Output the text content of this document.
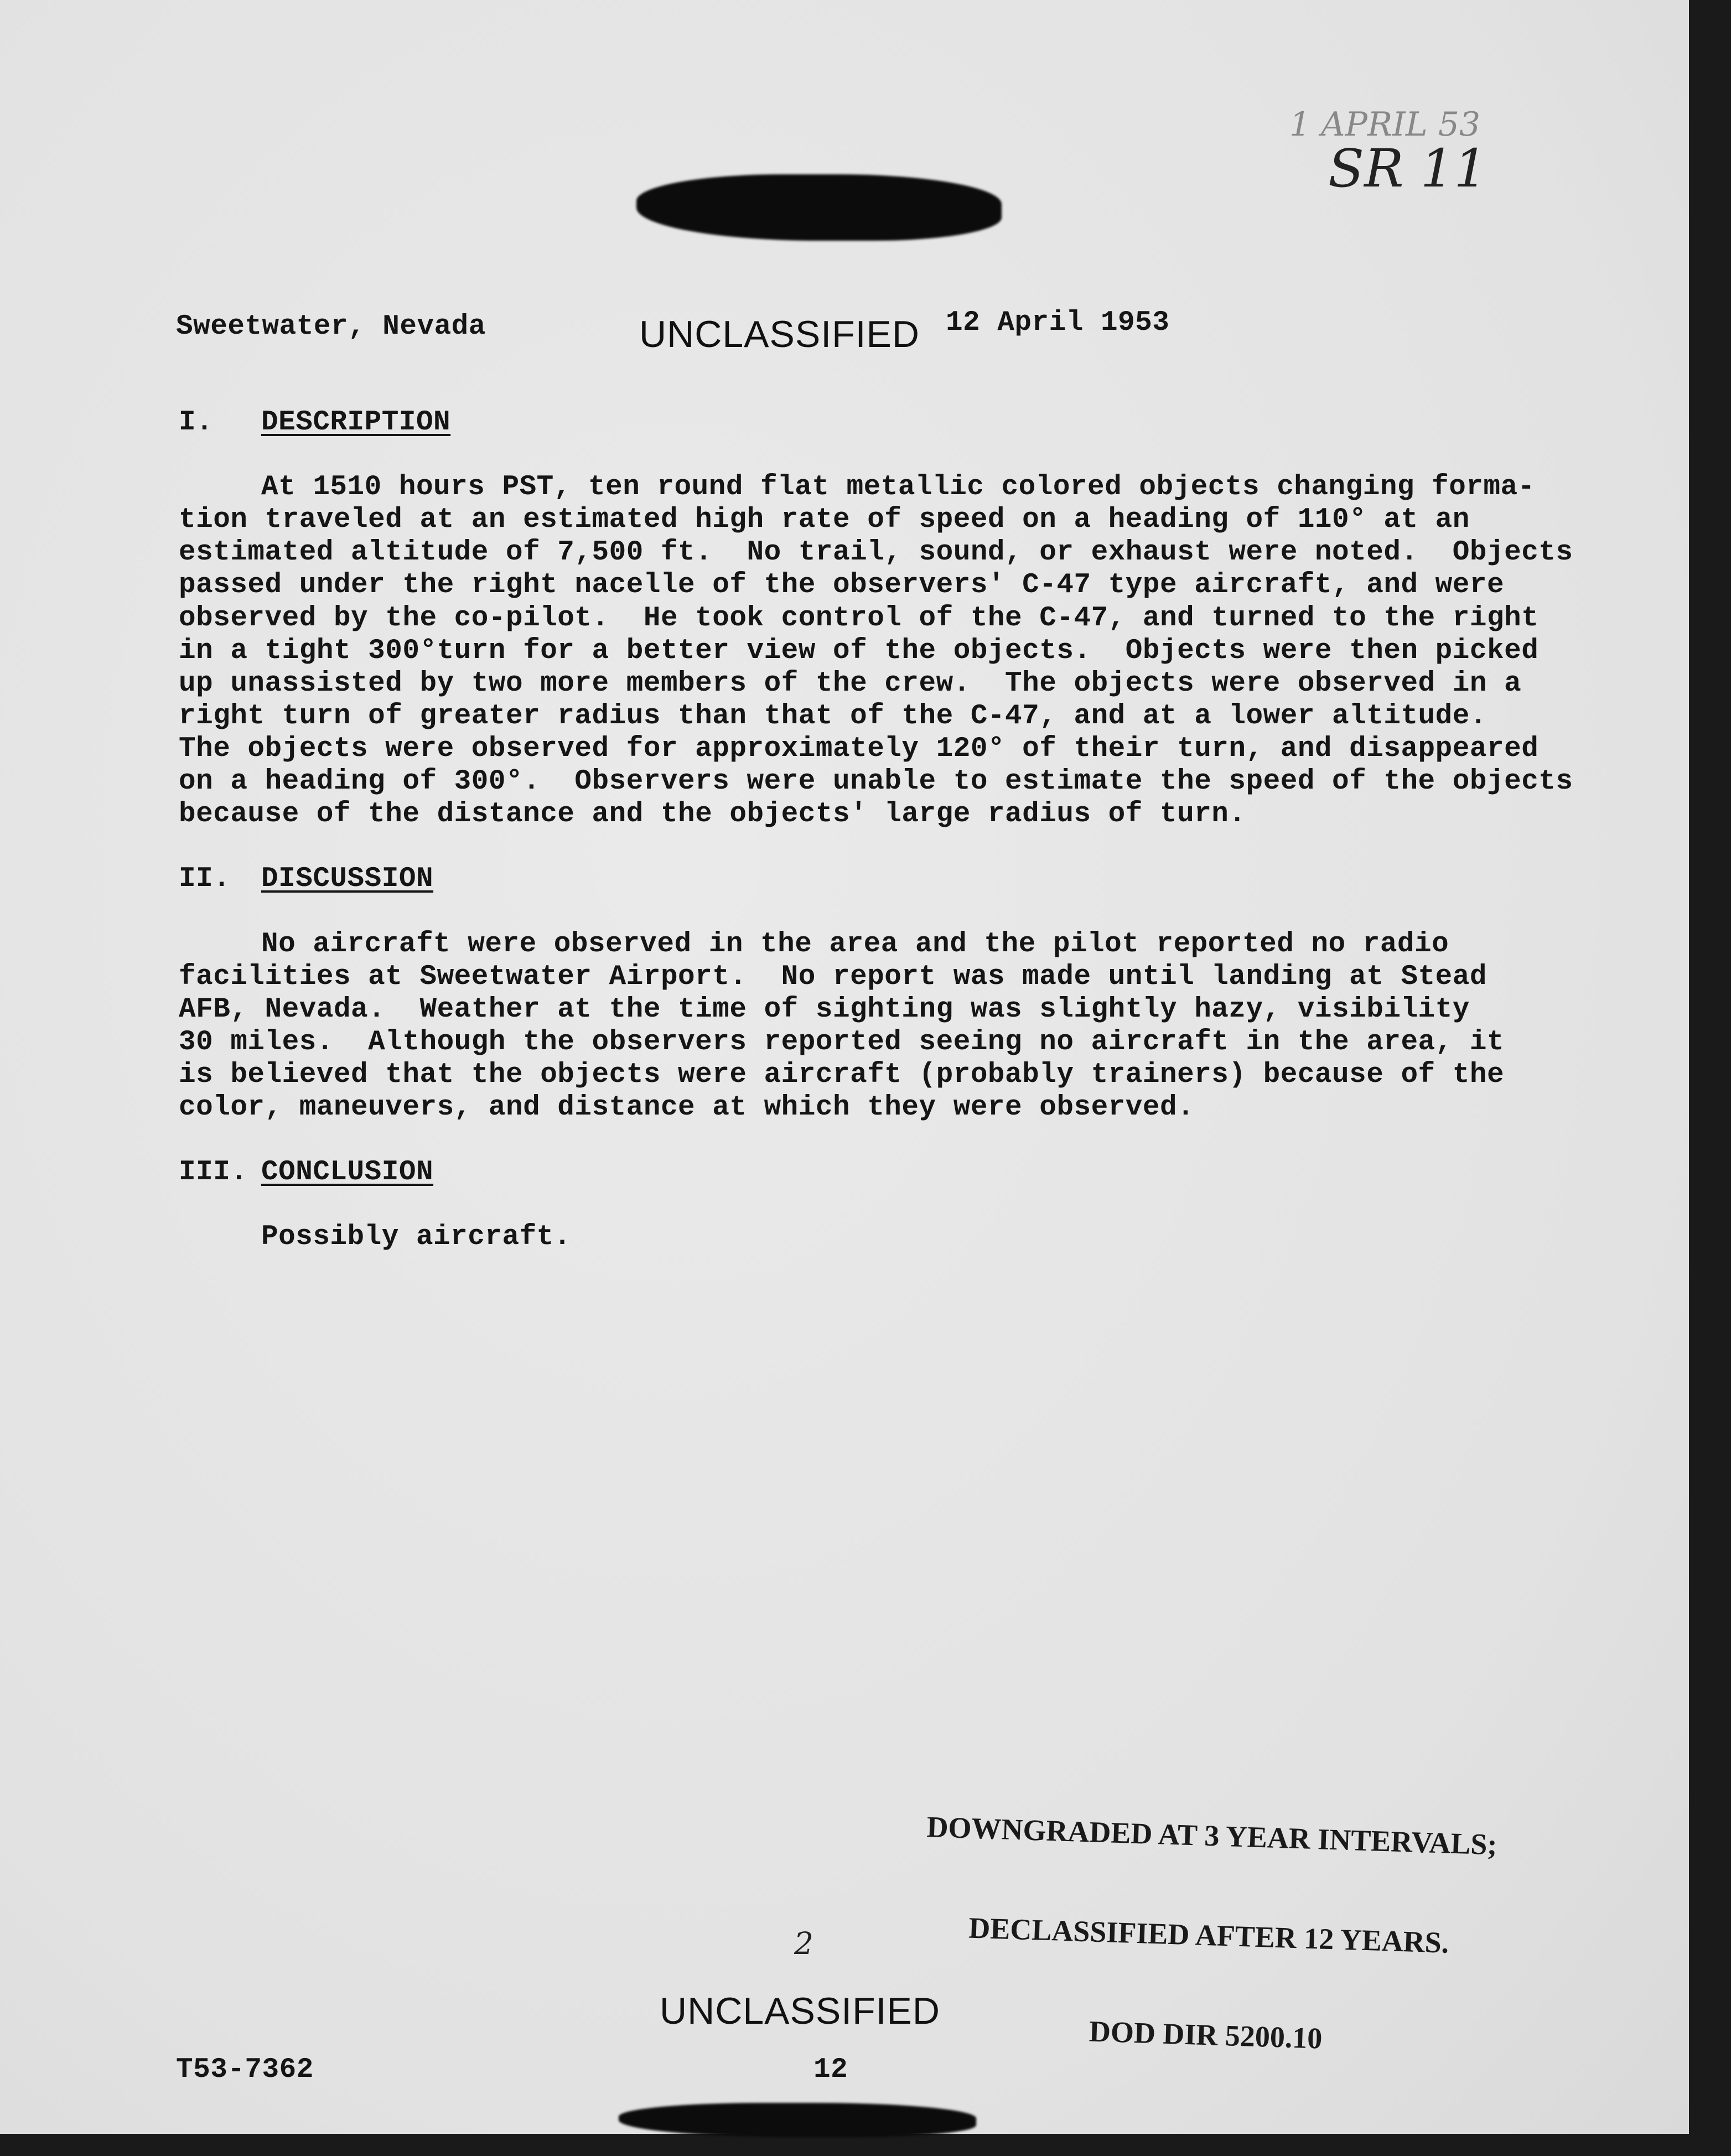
1 APRIL 53
SR 11
Sweetwater, Nevada	UNCLASSIFIED 12 April 1953
I. DESCRIPTION
At 1510 hours PST, ten round flat metallic colored objects changing forma-
tion traveled at an estimated high rate of speed on a heading of 110° at an
estimated altitude of 7,500 ft.  No trail, sound, or exhaust were noted.  Objects
passed under the right nacelle of the observers' C-47 type aircraft, and were
observed by the co-pilot.  He took control of the C-47, and turned to the right
in a tight 300°turn for a better view of the objects.  Objects were then picked
up unassisted by two more members of the crew.  The objects were observed in a
right turn of greater radius than that of the C-47, and at a lower altitude.
The objects were observed for approximately 120° of their turn, and disappeared
on a heading of 300°.  Observers were unable to estimate the speed of the objects
because of the distance and the objects' large radius of turn.
II. DISCUSSION
No aircraft were observed in the area and the pilot reported no radio
facilities at Sweetwater Airport.  No report was made until landing at Stead
AFB, Nevada.  Weather at the time of sighting was slightly hazy, visibility
30 miles.  Although the observers reported seeing no aircraft in the area, it
is believed that the objects were aircraft (probably trainers) because of the
color, maneuvers, and distance at which they were observed.
III. CONCLUSION
Possibly aircraft.

DOWNGRADED AT 3 YEAR INTERVALS;

DECLASSIFIED AFTER 12 YEARS.

DOD DIR 5200.10

2
UNCLASSIFIED
T53-7362	12
